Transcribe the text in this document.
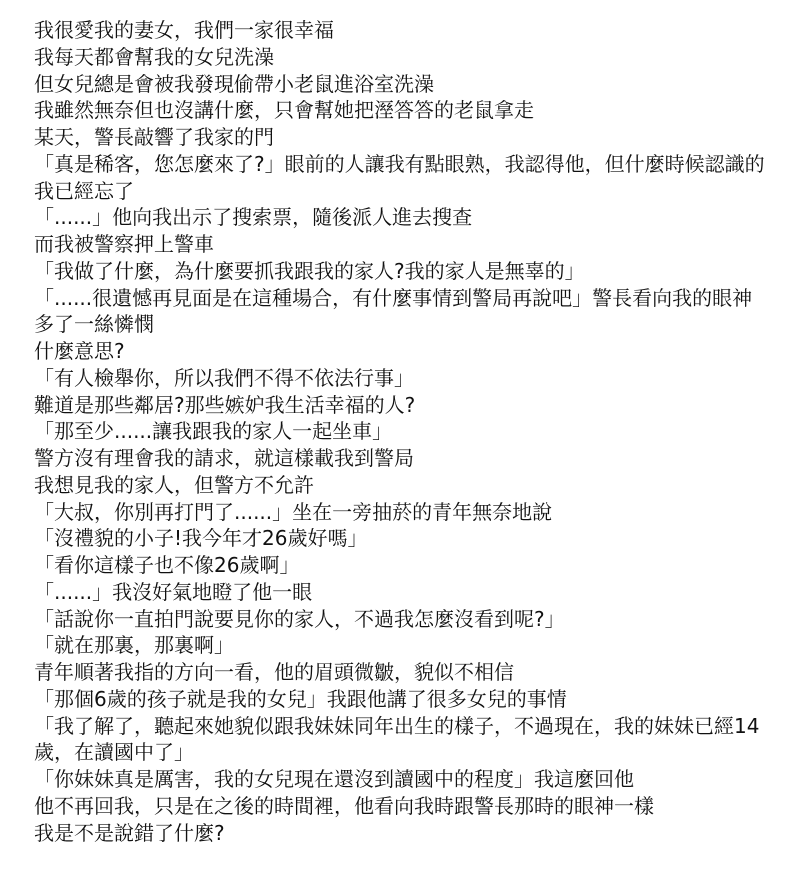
我很愛我的妻女，我們一家很幸福
我每天都會幫我的女兒洗澡
但女兒總是會被我發現偷帶小老鼠進浴室洗澡
我雖然無奈但也沒講什麼，只會幫她把溼答答的老鼠拿走
某天，警長敲響了我家的門
「真是稀客，您怎麼來了?」眼前的人讓我有點眼熟，我認得他，但什麼時候認識的我已經忘了
「......」他向我出示了搜索票，隨後派人進去搜查
而我被警察押上警車
「我做了什麼，為什麼要抓我跟我的家人?我的家人是無辜的」
「......很遺憾再見面是在這種場合，有什麼事情到警局再說吧」警長看向我的眼神多了一絲憐憫
什麼意思?
「有人檢舉你，所以我們不得不依法行事」
難道是那些鄰居?那些嫉妒我生活幸福的人?
「那至少......讓我跟我的家人一起坐車」
警方沒有理會我的請求，就這樣載我到警局
我想見我的家人，但警方不允許
「大叔，你別再打門了......」坐在一旁抽菸的青年無奈地說
「沒禮貌的小子!我今年才26歲好嗎」
「看你這樣子也不像26歲啊」
「......」我沒好氣地瞪了他一眼
「話說你一直拍門說要見你的家人，不過我怎麼沒看到呢?」
「就在那裏，那裏啊」
青年順著我指的方向一看，他的眉頭微皺，貌似不相信
「那個6歲的孩子就是我的女兒」我跟他講了很多女兒的事情
「我了解了，聽起來她貌似跟我妹妹同年出生的樣子，不過現在，我的妹妹已經14歲，在讀國中了」
「你妹妹真是厲害，我的女兒現在還沒到讀國中的程度」我這麼回他
他不再回我，只是在之後的時間裡，他看向我時跟警長那時的眼神一樣
我是不是說錯了什麼?
